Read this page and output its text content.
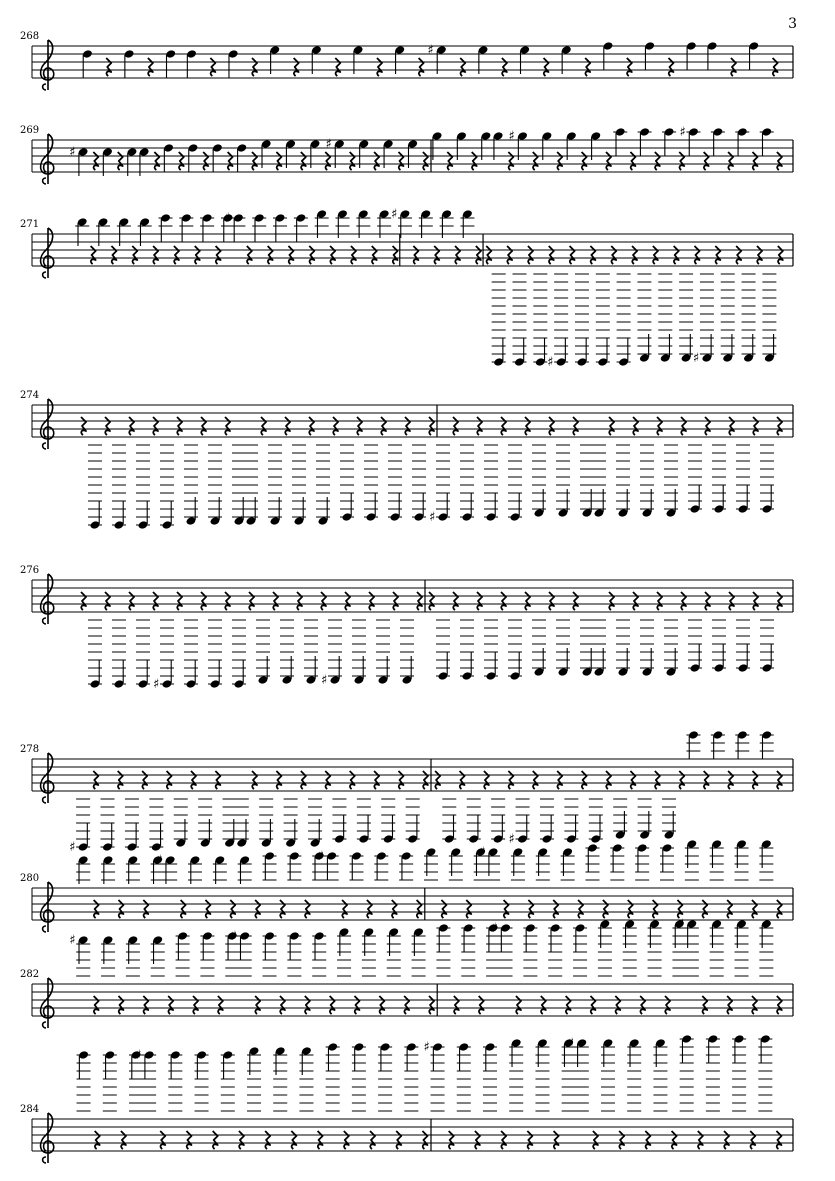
3
268
♯
269
♯
♯
♯	♯
271	♯	♯
♯	♯
274
♯	♯	♯
276
♯	♯
♯
278
♯	♯	♯
280
♯	♯	♯
282
♯	♯
♯	♯
284
♯
♯	♯
